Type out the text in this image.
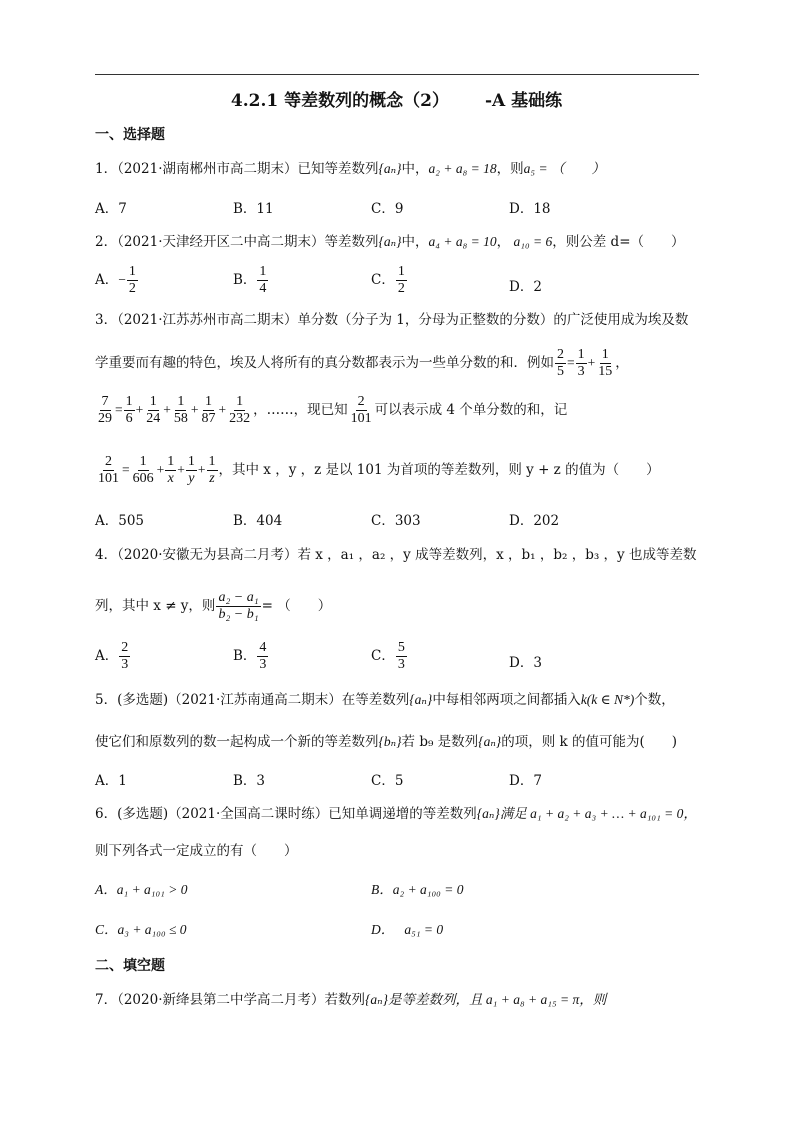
4.2.1 等差数列的概念（2） -A 基础练
一、选择题
1．（2021·湖南郴州市高二期末）已知等差数列{aₙ}中，a₂ + a₈ = 18，则a₅ = （　　）
A．7	B．11	C．9	D．18
2．（2021·天津经开区二中高二期末）等差数列{aₙ}中，a₄ + a₈ = 10， a₁₀ = 6，则公差 d=（　　）
A．− $\frac{1}{2}$	B． $\frac{1}{4}$	C． $\frac{1}{2}$	D．2
3．（2021·江苏苏州市高二期末）单分数（分子为 1，分母为正整数的分数）的广泛使用成为埃及数
学重要而有趣的特色，埃及人将所有的真分数都表示为一些单分数的和．例如 $\frac{2}{5} = \frac{1}{3} + \frac{1}{15}$ ，
$\frac{7}{29} = \frac{1}{6} + \frac{1}{24} + \frac{1}{58} + \frac{1}{87} + \frac{1}{232}$ ，……，现已知 $\frac{2}{101}$ 可以表示成 4 个单分数的和，记
$\frac{2}{101} = \frac{1}{606} + \frac{1}{x} + \frac{1}{y} + \frac{1}{z}$ ，其中 x ，y ，z 是以 101 为首项的等差数列，则 y + z 的值为（　　）
A．505	B．404	C．303	D．202
4．（2020·安徽无为县高二月考）若 x ，a₁ ，a₂ ，y 成等差数列，x ，b₁ ，b₂ ，b₃ ，y 也成等差数
列，其中 x ≠ y，则 $\frac{\text{a₂ − a₁}}{\text{b₂ − b₁}}$ = （　　）
A． $\frac{2}{3}$	B． $\frac{4}{3}$	C． $\frac{5}{3}$	D．3
5．(多选题)（2021·江苏南通高二期末）在等差数列{aₙ}中每相邻两项之间都插入k(k ∈ N*)个数，
使它们和原数列的数一起构成一个新的等差数列{bₙ}若 b₉ 是数列{aₙ}的项，则 k 的值可能为(　　)
A．1	B．3	C．5	D．7
6．(多选题)（2021·全国高二课时练）已知单调递增的等差数列{aₙ}满足 a₁ + a₂ + a₃ + … + a₁₀₁ = 0，
则下列各式一定成立的有（　　）
A．a₁ + a₁₀₁ > 0	B．a₂ + a₁₀₀ = 0
C．a₃ + a₁₀₀ ≤ 0	D．　 a₅₁ = 0
二、填空题
7．（2020·新绛县第二中学高二月考）若数列{aₙ}是等差数列，且 a₁ + a₈ + a₁₅ = π，则
